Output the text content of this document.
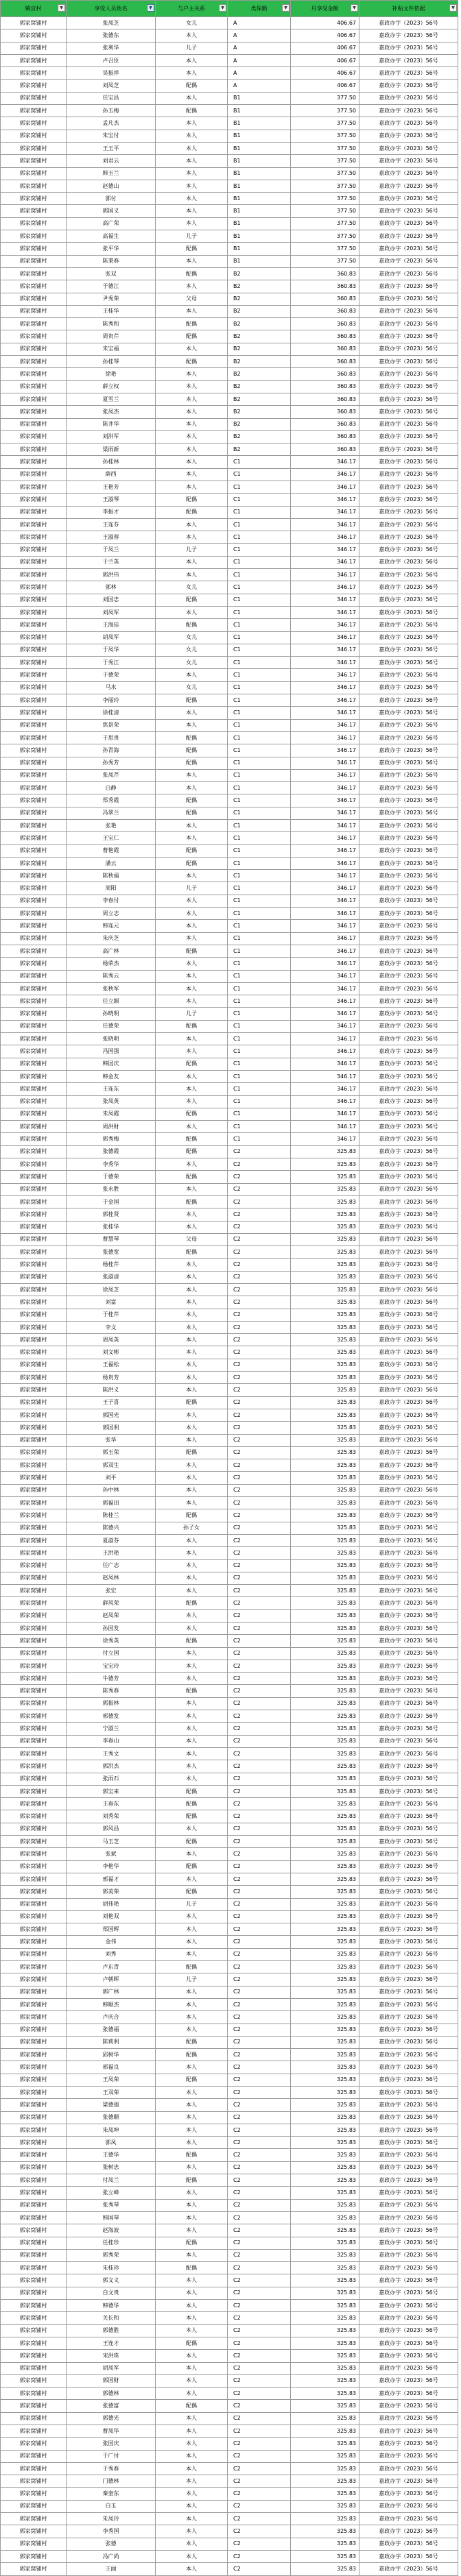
镇宜村 ▼	享受人员姓名 ▼	与户主关系 ▼	类保额 ▼	月享受金额 ▼	补贴文件依据 ▼

郭家窝铺村	张凤芝	女儿	A	406.67	嘉政办字（2023）56号
郭家窝铺村	张德东	本人	A	406.67	嘉政办字（2023）56号
郭家窝铺村	张利华	儿子	A	406.67	嘉政办字（2023）56号
郭家窝铺村	卢召臣	本人	A	406.67	嘉政办字（2023）56号
郭家窝铺村	吴振祥	本人	A	406.67	嘉政办字（2023）56号
郭家窝铺村	刘凤芝	配偶	A	406.67	嘉政办字（2023）56号
郭家窝铺村	任宝昌	本人	B1	377.50	嘉政办字（2023）56号
郭家窝铺村	孙玉梅	配偶	B1	377.50	嘉政办字（2023）56号
郭家窝铺村	孟凡杰	本人	B1	377.50	嘉政办字（2023）56号
郭家窝铺村	朱宝付	本人	B1	377.50	嘉政办字（2023）56号
郭家窝铺村	王玉平	本人	B1	377.50	嘉政办字（2023）56号
郭家窝铺村	刘君云	本人	B1	377.50	嘉政办字（2023）56号
郭家窝铺村	韩玉兰	本人	B1	377.50	嘉政办字（2023）56号
郭家窝铺村	赵德山	本人	B1	377.50	嘉政办字（2023）56号
郭家窝铺村	郭付	本人	B1	377.50	嘉政办字（2023）56号
郭家窝铺村	郭国义	本人	B1	377.50	嘉政办字（2023）56号
郭家窝铺村	高广荣	本人	B1	377.50	嘉政办字（2023）56号
郭家窝铺村	高福生	儿子	B1	377.50	嘉政办字（2023）56号
郭家窝铺村	张平华	配偶	B1	377.50	嘉政办字（2023）56号
郭家窝铺村	陈秉春	本人	B1	377.50	嘉政办字（2023）56号
郭家窝铺村	张双	配偶	B2	360.83	嘉政办字（2023）56号
郭家窝铺村	于德江	本人	B2	360.83	嘉政办字（2023）56号
郭家窝铺村	尹秀荣	父母	B2	360.83	嘉政办字（2023）56号
郭家窝铺村	王桂华	本人	B2	360.83	嘉政办字（2023）56号
郭家窝铺村	陈秀和	配偶	B2	360.83	嘉政办字（2023）56号
郭家窝铺村	周贵芹	配偶	B2	360.83	嘉政办字（2023）56号
郭家窝铺村	朱宝福	本人	B2	360.83	嘉政办字（2023）56号
郭家窝铺村	孙桂琴	配偶	B2	360.83	嘉政办字（2023）56号
郭家窝铺村	徐艳	本人	B2	360.83	嘉政办字（2023）56号
郭家窝铺村	薛立权	本人	B2	360.83	嘉政办字（2023）56号
郭家窝铺村	夏雪兰	本人	B2	360.83	嘉政办字（2023）56号
郭家窝铺村	张凤杰	本人	B2	360.83	嘉政办字（2023）56号
郭家窝铺村	陈井华	本人	B2	360.83	嘉政办字（2023）56号
郭家窝铺村	刘洪军	本人	B2	360.83	嘉政办字（2023）56号
郭家窝铺村	梁雨新	本人	B2	360.83	嘉政办字（2023）56号
郭家窝铺村	孙桂林	本人	C1	346.17	嘉政办字（2023）56号
郭家窝铺村	薛西	本人	C1	346.17	嘉政办字（2023）56号
郭家窝铺村	王艳芳	本人	C1	346.17	嘉政办字（2023）56号
郭家窝铺村	王淑琴	配偶	C1	346.17	嘉政办字（2023）56号
郭家窝铺村	李振才	配偶	C1	346.17	嘉政办字（2023）56号
郭家窝铺村	王连芬	本人	C1	346.17	嘉政办字（2023）56号
郭家窝铺村	王淑蓉	本人	C1	346.17	嘉政办字（2023）56号
郭家窝铺村	于凤兰	儿子	C1	346.17	嘉政办字（2023）56号
郭家窝铺村	于兰英	本人	C1	346.17	嘉政办字（2023）56号
郭家窝铺村	郭洪伟	本人	C1	346.17	嘉政办字（2023）56号
郭家窝铺村	郭林	女儿	C1	346.17	嘉政办字（2023）56号
郭家窝铺村	刘国忠	配偶	C1	346.17	嘉政办字（2023）56号
郭家窝铺村	刘凤军	本人	C1	346.17	嘉政办字（2023）56号
郭家窝铺村	王海廷	配偶	C1	346.17	嘉政办字（2023）56号
郭家窝铺村	胡凤军	女儿	C1	346.17	嘉政办字（2023）56号
郭家窝铺村	于凤华	女儿	C1	346.17	嘉政办字（2023）56号
郭家窝铺村	于秀江	女儿	C1	346.17	嘉政办字（2023）56号
郭家窝铺村	于德荣	本人	C1	346.17	嘉政办字（2023）56号
郭家窝铺村	马水	女儿	C1	346.17	嘉政办字（2023）56号
郭家窝铺村	李丽玲	配偶	C1	346.17	嘉政办字（2023）56号
郭家窝铺村	徐桂清	本人	C1	346.17	嘉政办字（2023）56号
郭家窝铺村	焦景荣	本人	C1	346.17	嘉政办字（2023）56号
郭家窝铺村	于思贵	配偶	C1	346.17	嘉政办字（2023）56号
郭家窝铺村	孙青海	配偶	C1	346.17	嘉政办字（2023）56号
郭家窝铺村	孙秀芳	配偶	C1	346.17	嘉政办字（2023）56号
郭家窝铺村	张凤芹	本人	C1	346.17	嘉政办字（2023）56号
郭家窝铺村	白静	本人	C1	346.17	嘉政办字（2023）56号
郭家窝铺村	郑秀霞	配偶	C1	346.17	嘉政办字（2023）56号
郭家窝铺村	冯翠兰	配偶	C1	346.17	嘉政办字（2023）56号
郭家窝铺村	张艳	本人	C1	346.17	嘉政办字（2023）56号
郭家窝铺村	王宝仁	本人	C1	346.17	嘉政办字（2023）56号
郭家窝铺村	曹艳霞	配偶	C1	346.17	嘉政办字（2023）56号
郭家窝铺村	潘云	配偶	C1	346.17	嘉政办字（2023）56号
郭家窝铺村	陈秋福	本人	C1	346.17	嘉政办字（2023）56号
郭家窝铺村	周阳	儿子	C1	346.17	嘉政办字（2023）56号
郭家窝铺村	李春付	本人	C1	346.17	嘉政办字（2023）56号
郭家窝铺村	周立志	本人	C1	346.17	嘉政办字（2023）56号
郭家窝铺村	韩连元	本人	C1	346.17	嘉政办字（2023）56号
郭家窝铺村	朱庆芝	本人	C1	346.17	嘉政办字（2023）56号
郭家窝铺村	高广林	配偶	C1	346.17	嘉政办字（2023）56号
郭家窝铺村	杨荣杰	本人	C1	346.17	嘉政办字（2023）56号
郭家窝铺村	陈秀云	本人	C1	346.17	嘉政办字（2023）56号
郭家窝铺村	张秋军	本人	C1	346.17	嘉政办字（2023）56号
郭家窝铺村	任立颖	本人	C1	346.17	嘉政办字（2023）56号
郭家窝铺村	孙晓明	儿子	C1	346.17	嘉政办字（2023）56号
郭家窝铺村	任德荣	配偶	C1	346.17	嘉政办字（2023）56号
郭家窝铺村	张晓明	本人	C1	346.17	嘉政办字（2023）56号
郭家窝铺村	冯国强	本人	C1	346.17	嘉政办字（2023）56号
郭家窝铺村	韩国庆	配偶	C1	346.17	嘉政办字（2023）56号
郭家窝铺村	韩金友	本人	C1	346.17	嘉政办字（2023）56号
郭家窝铺村	王连东	本人	C1	346.17	嘉政办字（2023）56号
郭家窝铺村	张凤英	本人	C1	346.17	嘉政办字（2023）56号
郭家窝铺村	朱凤霞	配偶	C1	346.17	嘉政办字（2023）56号
郭家窝铺村	周洪财	本人	C1	346.17	嘉政办字（2023）56号
郭家窝铺村	郭秀梅	配偶	C1	346.17	嘉政办字（2023）56号
郭家窝铺村	张德霞	配偶	C2	325.83	嘉政办字（2023）56号
郭家窝铺村	李秀华	本人	C2	325.83	嘉政办字（2023）56号
郭家窝铺村	于德荣	配偶	C2	325.83	嘉政办字（2023）56号
郭家窝铺村	张永胜	本人	C2	325.83	嘉政办字（2023）56号
郭家窝铺村	于金国	配偶	C2	325.83	嘉政办字（2023）56号
郭家窝铺村	郭桂贤	本人	C2	325.83	嘉政办字（2023）56号
郭家窝铺村	张桂华	本人	C2	325.83	嘉政办字（2023）56号
郭家窝铺村	曹慧琴	父母	C2	325.83	嘉政办字（2023）56号
郭家窝铺村	张德宽	配偶	C2	325.83	嘉政办字（2023）56号
郭家窝铺村	杨桂芹	本人	C2	325.83	嘉政办字（2023）56号
郭家窝铺村	张淑清	本人	C2	325.83	嘉政办字（2023）56号
郭家窝铺村	徐凤芝	本人	C2	325.83	嘉政办字（2023）56号
郭家窝铺村	刘富	本人	C2	325.83	嘉政办字（2023）56号
郭家窝铺村	于桂芹	本人	C2	325.83	嘉政办字（2023）56号
郭家窝铺村	李文	本人	C2	325.83	嘉政办字（2023）56号
郭家窝铺村	周凤英	本人	C2	325.83	嘉政办字（2023）56号
郭家窝铺村	刘文彬	本人	C2	325.83	嘉政办字（2023）56号
郭家窝铺村	王福松	本人	C2	325.83	嘉政办字（2023）56号
郭家窝铺村	杨贵芳	本人	C2	325.83	嘉政办字（2023）56号
郭家窝铺村	陈洪义	本人	C2	325.83	嘉政办字（2023）56号
郭家窝铺村	王子喜	配偶	C2	325.83	嘉政办字（2023）56号
郭家窝铺村	郭国光	本人	C2	325.83	嘉政办字（2023）56号
郭家窝铺村	郭国利	本人	C2	325.83	嘉政办字（2023）56号
郭家窝铺村	张华	本人	C2	325.83	嘉政办字（2023）56号
郭家窝铺村	郭玉荣	配偶	C2	325.83	嘉政办字（2023）56号
郭家窝铺村	郭双生	本人	C2	325.83	嘉政办字（2023）56号
郭家窝铺村	刘平	本人	C2	325.83	嘉政办字（2023）56号
郭家窝铺村	孙中林	本人	C2	325.83	嘉政办字（2023）56号
郭家窝铺村	郭福田	本人	C2	325.83	嘉政办字（2023）56号
郭家窝铺村	陈桂兰	配偶	C2	325.83	嘉政办字（2023）56号
郭家窝铺村	陈德兴	孙子女	C2	325.83	嘉政办字（2023）56号
郭家窝铺村	夏淑芬	本人	C2	325.83	嘉政办字（2023）56号
郭家窝铺村	王洪艳	本人	C2	325.83	嘉政办字（2023）56号
郭家窝铺村	任广志	本人	C2	325.83	嘉政办字（2023）56号
郭家窝铺村	赵凤林	本人	C2	325.83	嘉政办字（2023）56号
郭家窝铺村	张宏	本人	C2	325.83	嘉政办字（2023）56号
郭家窝铺村	薛风荣	配偶	C2	325.83	嘉政办字（2023）56号
郭家窝铺村	赵凤荣	本人	C2	325.83	嘉政办字（2023）56号
郭家窝铺村	孙国发	本人	C2	325.83	嘉政办字（2023）56号
郭家窝铺村	徐秀英	配偶	C2	325.83	嘉政办字（2023）56号
郭家窝铺村	付立国	本人	C2	325.83	嘉政办字（2023）56号
郭家窝铺村	宝宝玲	本人	C2	325.83	嘉政办字（2023）56号
郭家窝铺村	牛德芳	本人	C2	325.83	嘉政办字（2023）56号
郭家窝铺村	陈秀春	配偶	C2	325.83	嘉政办字（2023）56号
郭家窝铺村	郭振林	本人	C2	325.83	嘉政办字（2023）56号
郭家窝铺村	邢德发	本人	C2	325.83	嘉政办字（2023）56号
郭家窝铺村	宁淑兰	本人	C2	325.83	嘉政办字（2023）56号
郭家窝铺村	李春山	本人	C2	325.83	嘉政办字（2023）56号
郭家窝铺村	王秀文	本人	C2	325.83	嘉政办字（2023）56号
郭家窝铺村	郭洪杰	本人	C2	325.83	嘉政办字（2023）56号
郭家窝铺村	张雨石	本人	C2	325.83	嘉政办字（2023）56号
郭家窝铺村	郭宝来	配偶	C2	325.83	嘉政办字（2023）56号
郭家窝铺村	王春东	配偶	C2	325.83	嘉政办字（2023）56号
郭家窝铺村	刘秀荣	配偶	C2	325.83	嘉政办字（2023）56号
郭家窝铺村	郭风昌	本人	C2	325.83	嘉政办字（2023）56号
郭家窝铺村	马玉芝	配偶	C2	325.83	嘉政办字（2023）56号
郭家窝铺村	张斌	本人	C2	325.83	嘉政办字（2023）56号
郭家窝铺村	李艳华	配偶	C2	325.83	嘉政办字（2023）56号
郭家窝铺村	邢福才	本人	C2	325.83	嘉政办字（2023）56号
郭家窝铺村	郭美荣	配偶	C2	325.83	嘉政办字（2023）56号
郭家窝铺村	胡伟艳	儿子	C2	325.83	嘉政办字（2023）56号
郭家窝铺村	刘艳双	本人	C2	325.83	嘉政办字（2023）56号
郭家窝铺村	郑国辉	本人	C2	325.83	嘉政办字（2023）56号
郭家窝铺村	金伟	本人	C2	325.83	嘉政办字（2023）56号
郭家窝铺村	刘秀	本人	C2	325.83	嘉政办字（2023）56号
郭家窝铺村	卢东青	配偶	C2	325.83	嘉政办字（2023）56号
郭家窝铺村	卢朝晖	儿子	C2	325.83	嘉政办字（2023）56号
郭家窝铺村	郭广林	本人	C2	325.83	嘉政办字（2023）56号
郭家窝铺村	韩顺杰	本人	C2	325.83	嘉政办字（2023）56号
郭家窝铺村	卢庆合	本人	C2	325.83	嘉政办字（2023）56号
郭家窝铺村	张德福	本人	C2	325.83	嘉政办字（2023）56号
郭家窝铺村	陈莉利	配偶	C2	325.83	嘉政办字（2023）56号
郭家窝铺村	邱树华	配偶	C2	325.83	嘉政办字（2023）56号
郭家窝铺村	邢福良	本人	C2	325.83	嘉政办字（2023）56号
郭家窝铺村	王凤荣	配偶	C2	325.83	嘉政办字（2023）56号
郭家窝铺村	王双荣	本人	C2	325.83	嘉政办字（2023）56号
郭家窝铺村	梁德强	本人	C2	325.83	嘉政办字（2023）56号
郭家窝铺村	张德顺	本人	C2	325.83	嘉政办字（2023）56号
郭家窝铺村	朱凤坤	本人	C2	325.83	嘉政办字（2023）56号
郭家窝铺村	郭凤	本人	C2	325.83	嘉政办字（2023）56号
郭家窝铺村	王德华	配偶	C2	325.83	嘉政办字（2023）56号
郭家窝铺村	张树忠	本人	C2	325.83	嘉政办字（2023）56号
郭家窝铺村	付凤兰	配偶	C2	325.83	嘉政办字（2023）56号
郭家窝铺村	张立峰	本人	C2	325.83	嘉政办字（2023）56号
郭家窝铺村	张秀琴	本人	C2	325.83	嘉政办字（2023）56号
郭家窝铺村	韩国琴	本人	C2	325.83	嘉政办字（2023）56号
郭家窝铺村	赵海波	本人	C2	325.83	嘉政办字（2023）56号
郭家窝铺村	任桂珍	配偶	C2	325.83	嘉政办字（2023）56号
郭家窝铺村	郭秀荣	本人	C2	325.83	嘉政办字（2023）56号
郭家窝铺村	朱桂珍	配偶	C2	325.83	嘉政办字（2023）56号
郭家窝铺村	郭文义	本人	C2	325.83	嘉政办字（2023）56号
郭家窝铺村	白文贵	本人	C2	325.83	嘉政办字（2023）56号
郭家窝铺村	韩德华	本人	C2	325.83	嘉政办字（2023）56号
郭家窝铺村	关长和	本人	C2	325.83	嘉政办字（2023）56号
郭家窝铺村	郭德胜	本人	C2	325.83	嘉政办字（2023）56号
郭家窝铺村	王连才	配偶	C2	325.83	嘉政办字（2023）56号
郭家窝铺村	宋洪珠	本人	C2	325.83	嘉政办字（2023）56号
郭家窝铺村	胡凤军	本人	C2	325.83	嘉政办字（2023）56号
郭家窝铺村	郭国财	本人	C2	325.83	嘉政办字（2023）56号
郭家窝铺村	郭德林	本人	C2	325.83	嘉政办字（2023）56号
郭家窝铺村	张德富	配偶	C2	325.83	嘉政办字（2023）56号
郭家窝铺村	郭德光	本人	C2	325.83	嘉政办字（2023）56号
郭家窝铺村	曹凤华	本人	C2	325.83	嘉政办字（2023）56号
郭家窝铺村	张国庆	本人	C2	325.83	嘉政办字（2023）56号
郭家窝铺村	于广付	本人	C2	325.83	嘉政办字（2023）56号
郭家窝铺村	于秀春	本人	C2	325.83	嘉政办字（2023）56号
郭家窝铺村	门德林	本人	C2	325.83	嘉政办字（2023）56号
郭家窝铺村	秦奎东	本人	C2	325.83	嘉政办字（2023）56号
郭家窝铺村	白玉	本人	C2	325.83	嘉政办字（2023）56号
郭家窝铺村	朱凤玲	本人	C2	325.83	嘉政办字（2023）56号
郭家窝铺村	李秀国	本人	C2	325.83	嘉政办字（2023）56号
郭家窝铺村	张德	本人	C2	325.83	嘉政办字（2023）56号
郭家窝铺村	冯广尚	本人	C2	325.83	嘉政办字（2023）56号
郭家窝铺村	王丽	本人	C2	325.83	嘉政办字（2023）56号
